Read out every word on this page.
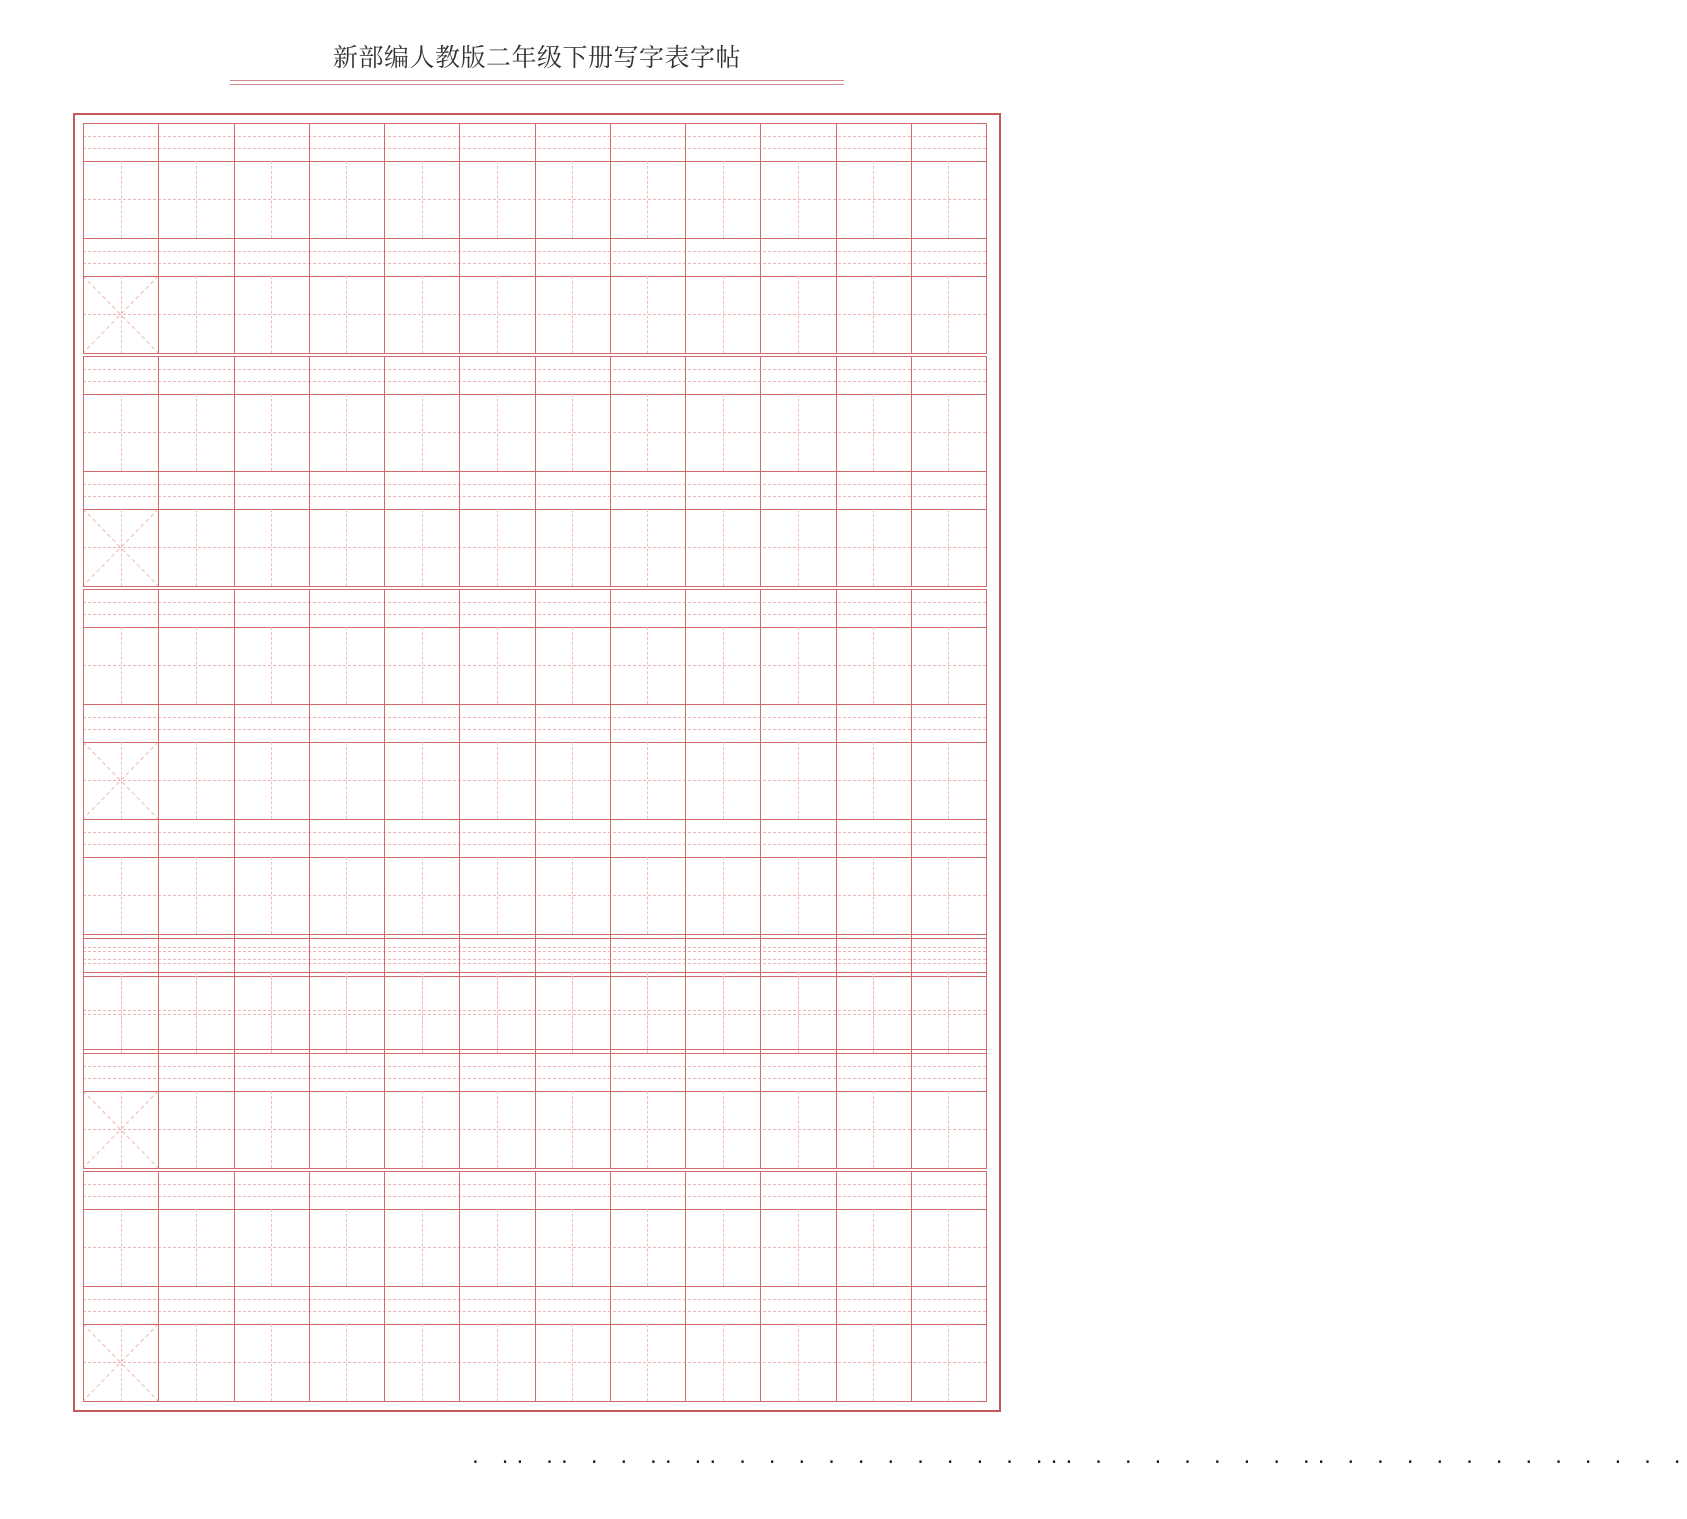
新部编人教版二年级下册写字表字帖
· ·· ·· · · ·· ·· · · · · · · · · · · ··· · · · · · · · ·· · · · · · · · · · · · ·
